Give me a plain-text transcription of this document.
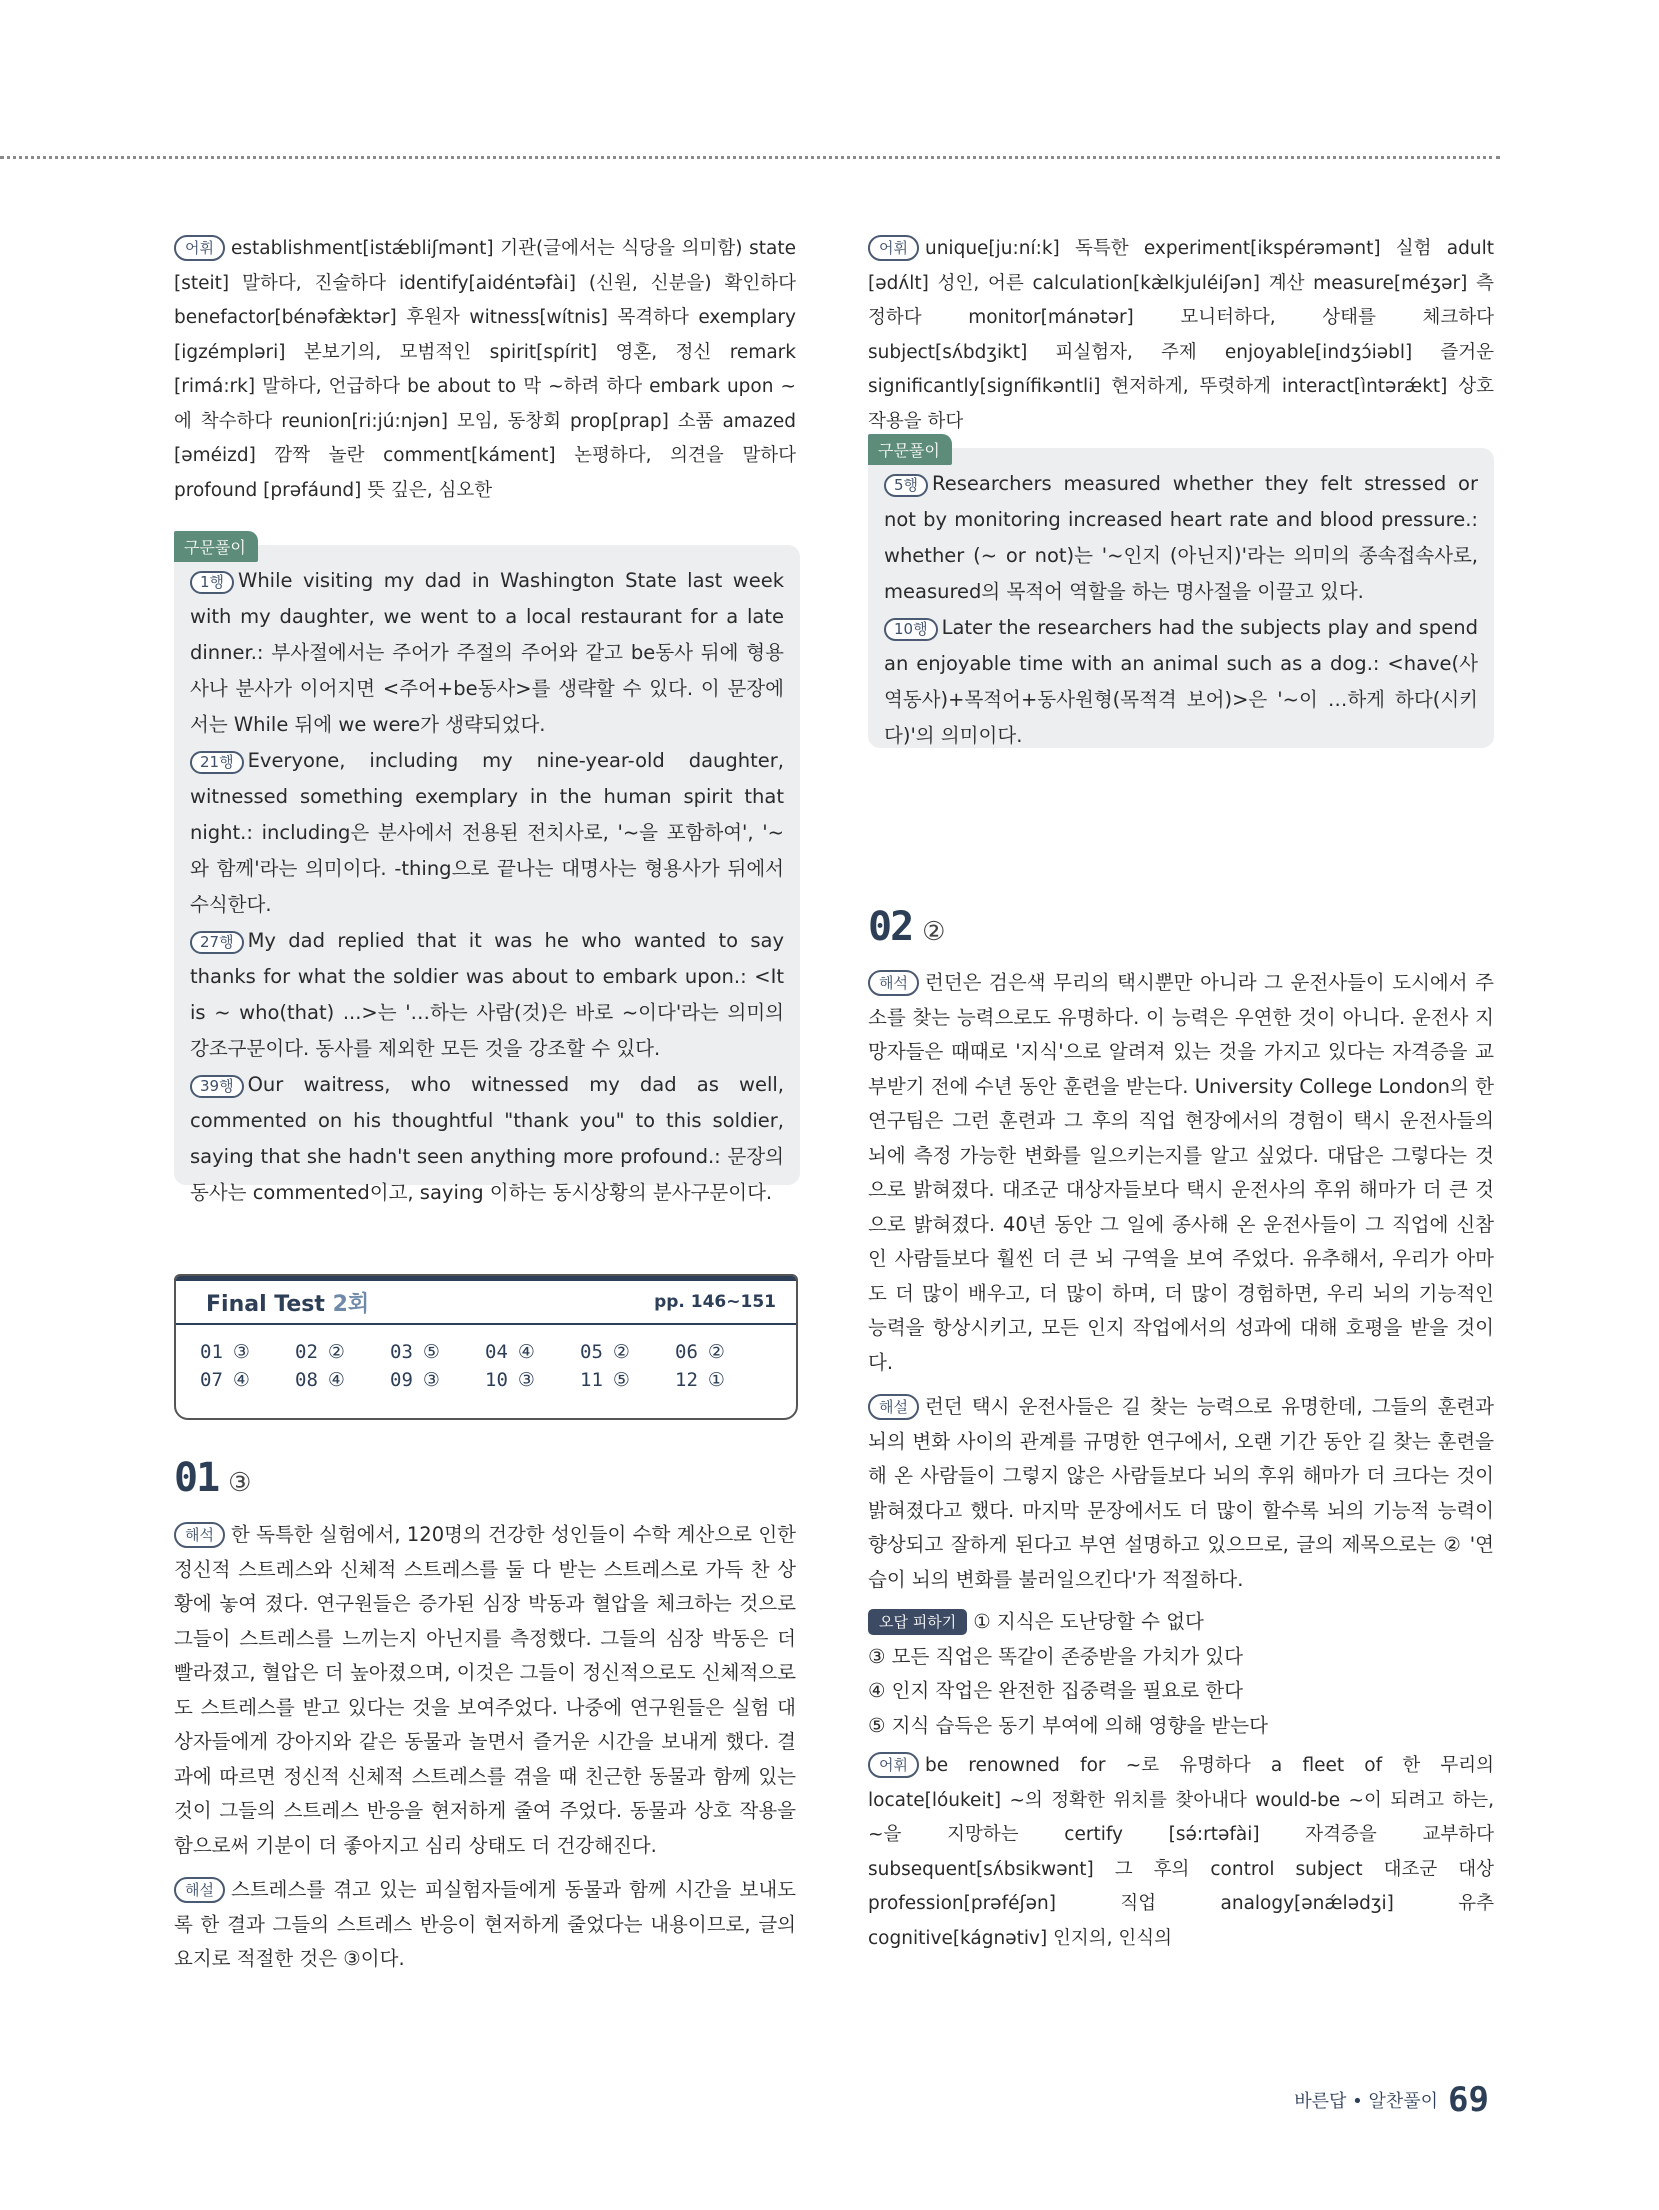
어휘 establishment[istǽbliʃmənt] 기관(글에서는 식당을 의미함) state [steit] 말하다, 진술하다 identify[aidéntəfài] (신원, 신분을) 확인하다 benefactor[bénəfæ̀ktər] 후원자 witness[wítnis] 목격하다 exemplary [igzémpləri] 본보기의, 모범적인 spirit[spírit] 영혼, 정신 remark [rimá:rk] 말하다, 언급하다 be about to 막 ~하려 하다 embark upon ~에 착수하다 reunion[ri:jú:njən] 모임, 동창회 prop[prap] 소품 amazed [əméizd] 깜짝 놀란 comment[káment] 논평하다, 의견을 말하다 profound [prəfáund] 뜻 깊은, 심오한

구문풀이

1행 While visiting my dad in Washington State last week with my daughter, we went to a local restaurant for a late dinner.: 부사절에서는 주어가 주절의 주어와 같고 be동사 뒤에 형용사나 분사가 이어지면 <주어+be동사>를 생략할 수 있다. 이 문장에서는 While 뒤에 we were가 생략되었다.

21행 Everyone, including my nine-year-old daughter, witnessed something exemplary in the human spirit that night.: including은 분사에서 전용된 전치사로, '~을 포함하여', '~와 함께'라는 의미이다. -thing으로 끝나는 대명사는 형용사가 뒤에서 수식한다.

27행 My dad replied that it was he who wanted to say thanks for what the soldier was about to embark upon.: <It is ~ who(that) ...>는 '…하는 사람(것)은 바로 ~이다'라는 의미의 강조구문이다. 동사를 제외한 모든 것을 강조할 수 있다.

39행 Our waitress, who witnessed my dad as well, commented on his thoughtful "thank you" to this soldier, saying that she hadn't seen anything more profound.: 문장의 동사는 commented이고, saying 이하는 동시상황의 분사구문이다.

Final Test 2회	pp. 146~151
01 ③	02 ②	03 ⑤	04 ④	05 ②	06 ②
07 ④	08 ④	09 ③	10 ③	11 ⑤	12 ①

01 ③

해석 한 독특한 실험에서, 120명의 건강한 성인들이 수학 계산으로 인한 정신적 스트레스와 신체적 스트레스를 둘 다 받는 스트레스로 가득 찬 상황에 놓여 졌다. 연구원들은 증가된 심장 박동과 혈압을 체크하는 것으로 그들이 스트레스를 느끼는지 아닌지를 측정했다. 그들의 심장 박동은 더 빨라졌고, 혈압은 더 높아졌으며, 이것은 그들이 정신적으로도 신체적으로도 스트레스를 받고 있다는 것을 보여주었다. 나중에 연구원들은 실험 대상자들에게 강아지와 같은 동물과 놀면서 즐거운 시간을 보내게 했다. 결과에 따르면 정신적 신체적 스트레스를 겪을 때 친근한 동물과 함께 있는 것이 그들의 스트레스 반응을 현저하게 줄여 주었다. 동물과 상호 작용을 함으로써 기분이 더 좋아지고 심리 상태도 더 건강해진다.

해설 스트레스를 겪고 있는 피실험자들에게 동물과 함께 시간을 보내도록 한 결과 그들의 스트레스 반응이 현저하게 줄었다는 내용이므로, 글의 요지로 적절한 것은 ③이다.

어휘 unique[ju:ní:k] 독특한 experiment[ikspérəmənt] 실험 adult [ədʌ́lt] 성인, 어른 calculation[kæ̀lkjuléiʃən] 계산 measure[méʒər] 측정하다 monitor[mánətər] 모니터하다, 상태를 체크하다 subject[sʌ́bdʒikt] 피실험자, 주제 enjoyable[indʒɔ́iəbl] 즐거운 significantly[signífikəntli] 현저하게, 뚜렷하게 interact[ìntərǽkt] 상호 작용을 하다

구문풀이

5행 Researchers measured whether they felt stressed or not by monitoring increased heart rate and blood pressure.: whether (~ or not)는 '~인지 (아닌지)'라는 의미의 종속접속사로, measured의 목적어 역할을 하는 명사절을 이끌고 있다.

10행 Later the researchers had the subjects play and spend an enjoyable time with an animal such as a dog.: <have(사역동사)+목적어+동사원형(목적격 보어)>은 '~이 …하게 하다(시키다)'의 의미이다.

02 ②

해석 런던은 검은색 무리의 택시뿐만 아니라 그 운전사들이 도시에서 주소를 찾는 능력으로도 유명하다. 이 능력은 우연한 것이 아니다. 운전사 지망자들은 때때로 '지식'으로 알려져 있는 것을 가지고 있다는 자격증을 교부받기 전에 수년 동안 훈련을 받는다. University College London의 한 연구팀은 그런 훈련과 그 후의 직업 현장에서의 경험이 택시 운전사들의 뇌에 측정 가능한 변화를 일으키는지를 알고 싶었다. 대답은 그렇다는 것으로 밝혀졌다. 대조군 대상자들보다 택시 운전사의 후위 해마가 더 큰 것으로 밝혀졌다. 40년 동안 그 일에 종사해 온 운전사들이 그 직업에 신참인 사람들보다 훨씬 더 큰 뇌 구역을 보여 주었다. 유추해서, 우리가 아마도 더 많이 배우고, 더 많이 하며, 더 많이 경험하면, 우리 뇌의 기능적인 능력을 항상시키고, 모든 인지 작업에서의 성과에 대해 호평을 받을 것이다.

해설 런던 택시 운전사들은 길 찾는 능력으로 유명한데, 그들의 훈련과 뇌의 변화 사이의 관계를 규명한 연구에서, 오랜 기간 동안 길 찾는 훈련을 해 온 사람들이 그렇지 않은 사람들보다 뇌의 후위 해마가 더 크다는 것이 밝혀졌다고 했다. 마지막 문장에서도 더 많이 할수록 뇌의 기능적 능력이 향상되고 잘하게 된다고 부연 설명하고 있으므로, 글의 제목으로는 ② '연습이 뇌의 변화를 불러일으킨다'가 적절하다.

오답 피하기 ① 지식은 도난당할 수 없다

③ 모든 직업은 똑같이 존중받을 가치가 있다

④ 인지 작업은 완전한 집중력을 필요로 한다

⑤ 지식 습득은 동기 부여에 의해 영향을 받는다

어휘 be renowned for ~로 유명하다 a fleet of 한 무리의 locate[lóukeit] ~의 정확한 위치를 찾아내다 would-be ~이 되려고 하는, ~을 지망하는 certify [sə́:rtəfài] 자격증을 교부하다 subsequent[sʌ́bsikwənt] 그 후의 control subject 대조군 대상 profession[prəféʃən] 직업 analogy[ənǽlədʒi] 유추 cognitive[kágnətiv] 인지의, 인식의

바른답 • 알찬풀이 69
